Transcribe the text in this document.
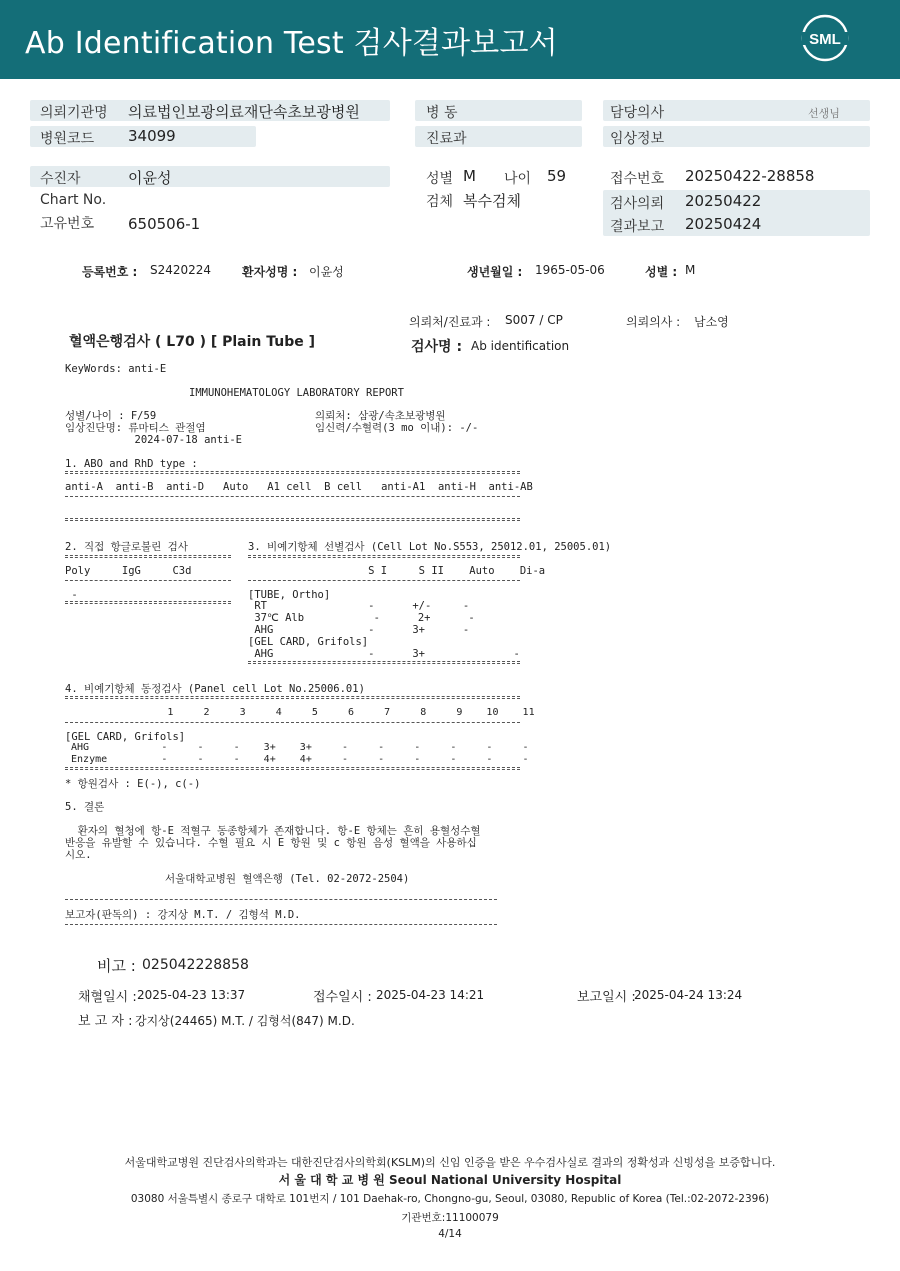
Ab Identification Test 검사결과보고서	SML
의뢰기관명 의료법인보광의료재단속초보광병원
병원코드 34099
병 동
진료과
담당의사	선생님
임상정보
수진자	이윤성
Chart No.
고유번호 650506-1
성별 M 나이 59
검체 복수검체
접수번호 20250422-28858
검사의뢰 20250422
결과보고 20250424
등록번호 : S2420224	환자성명 : 이윤성	생년월일 : 1965-05-06	성별 : M
의뢰처/진료과 : S007 / CP	의뢰의사 : 남소영
혈액은행검사 ( L70 ) [ Plain Tube ]	검사명 : Ab identification
KeyWords: anti-E
IMMUNOHEMATOLOGY LABORATORY REPORT
성별/나이 : F/59	의뢰처: 삼광/속초보광병원
임상진단명: 류마티스 관절염	임신력/수혈력(3 mo 이내): -/-
2024-07-18 anti-E
1. ABO and RhD type :
anti-A  anti-B  anti-D   Auto   A1 cell  B cell   anti-A1  anti-H  anti-AB
2. 직접 항글로불린 검사	3. 비예기항체 선별검사 (Cell Lot No.S553, 25012.01, 25005.01)
Poly     IgG     C3d	S I     S II    Auto    Di-a
-	[TUBE, Ortho]
RT                -      +/-     -
37℃ Alb           -      2+      -
AHG               -      3+      -
[GEL CARD, Grifols]
AHG               -      3+              -
4. 비예기항체 동정검사 (Panel cell Lot No.25006.01)
1     2     3     4     5     6     7     8     9    10    11
[GEL CARD, Grifols]
AHG            -     -     -    3+    3+     -     -     -     -     -     -
Enzyme         -     -     -    4+    4+     -     -     -     -     -     -
* 항원검사 : E(-), c(-)
5. 결론
환자의 혈청에 항-E 적혈구 동종항체가 존재합니다. 항-E 항체는 흔히 용혈성수혈
반응을 유발할 수 있습니다. 수혈 필요 시 E 항원 및 c 항원 음성 혈액을 사용하십
시오.
서울대학교병원 혈액은행 (Tel. 02-2072-2504)
보고자(판독의) : 강지상 M.T. / 김형석 M.D.
비고 : 025042228858
채혈일시 : 2025-04-23 13:37	접수일시 : 2025-04-23 14:21	보고일시 :
2025-04-24 13:24
보 고 자 : 강지상(24465) M.T. / 김형석(847) M.D.
서울대학교병원 진단검사의학과는 대한진단검사의학회(KSLM)의 신임 인증을 받은 우수검사실로 결과의 정확성과 신빙성을 보증합니다.
서 울 대 학 교 병 원 Seoul National University Hospital
03080 서울특별시 종로구 대학로 101번지 / 101 Daehak-ro, Chongno-gu, Seoul, 03080, Republic of Korea (Tel.:02-2072-2396)
기관번호:11100079
4/14
